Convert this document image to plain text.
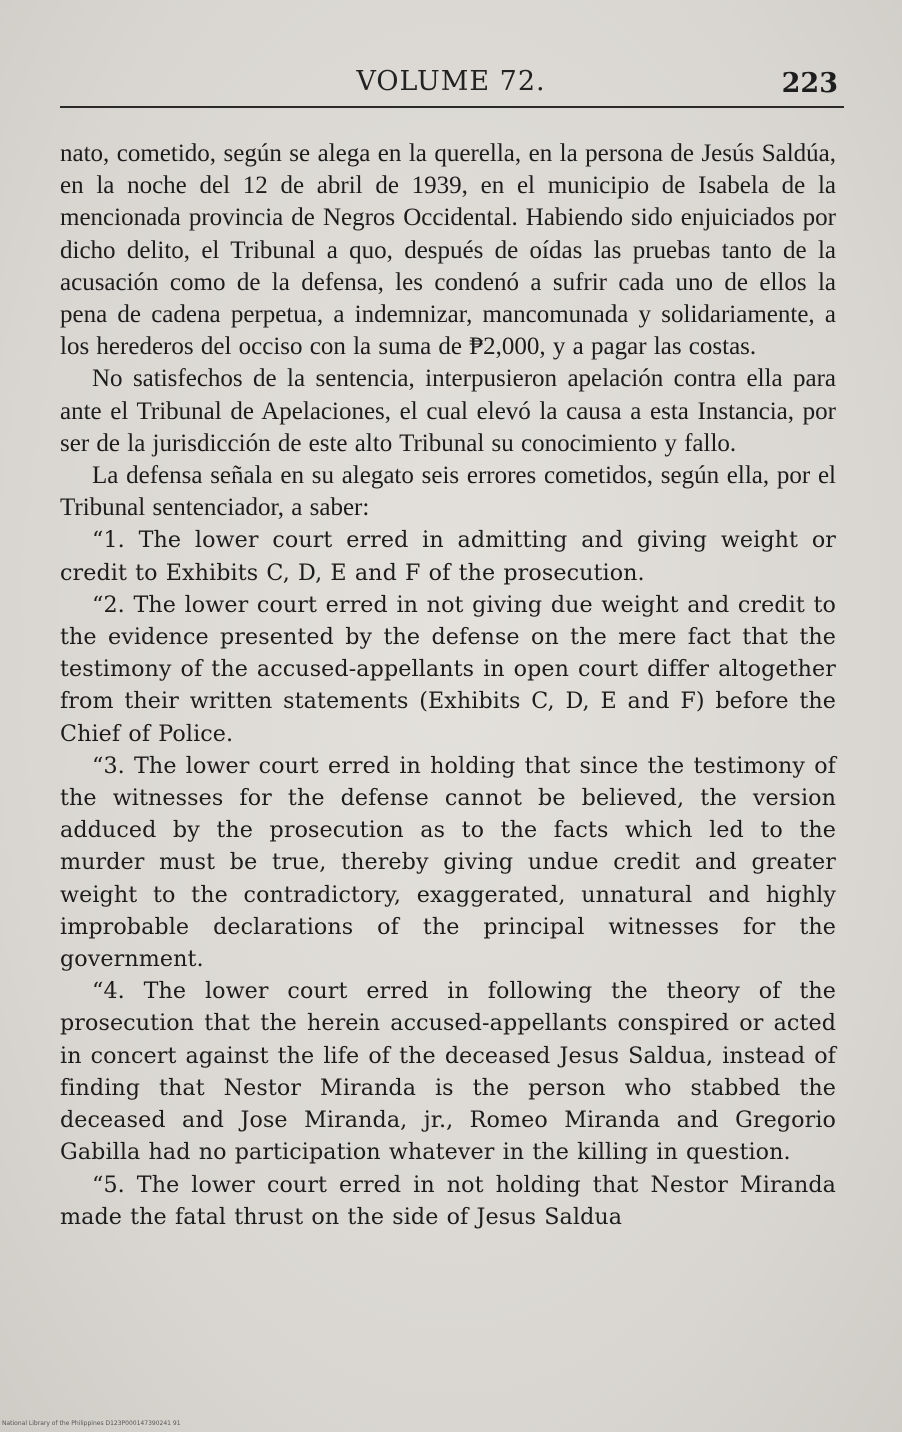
VOLUME 72.	223

nato, cometido, según se alega en la querella, en la persona de Jesús Saldúa, en la noche del 12 de abril de 1939, en el municipio de Isabela de la mencionada provincia de Negros Occidental. Habiendo sido enjuiciados por dicho delito, el Tribunal a quo, después de oídas las pruebas tanto de la acusación como de la defensa, les condenó a sufrir cada uno de ellos la pena de cadena perpetua, a indemnizar, mancomunada y solidariamente, a los herederos del occiso con la suma de ₱2,000, y a pagar las costas.

No satisfechos de la sentencia, interpusieron apelación contra ella para ante el Tribunal de Apelaciones, el cual elevó la causa a esta Instancia, por ser de la jurisdicción de este alto Tribunal su conocimiento y fallo.

La defensa señala en su alegato seis errores cometidos, según ella, por el Tribunal sentenciador, a saber:

“1. The lower court erred in admitting and giving weight or credit to Exhibits C, D, E and F of the prosecution.

“2. The lower court erred in not giving due weight and credit to the evidence presented by the defense on the mere fact that the testimony of the accused-appellants in open court differ altogether from their written statements (Exhibits C, D, E and F) before the Chief of Police.

“3. The lower court erred in holding that since the testimony of the witnesses for the defense cannot be believed, the version adduced by the prosecution as to the facts which led to the murder must be true, thereby giving undue credit and greater weight to the contradictory, exaggerated, unnatural and highly improbable declarations of the principal witnesses for the government.

“4. The lower court erred in following the theory of the prosecution that the herein accused-appellants conspired or acted in concert against the life of the deceased Jesus Saldua, instead of finding that Nestor Miranda is the person who stabbed the deceased and Jose Miranda, jr., Romeo Miranda and Gregorio Gabilla had no participation whatever in the killing in question.

“5. The lower court erred in not holding that Nestor Miranda made the fatal thrust on the side of Jesus Saldua

National Library of the Philippines D123P000147390241 91
